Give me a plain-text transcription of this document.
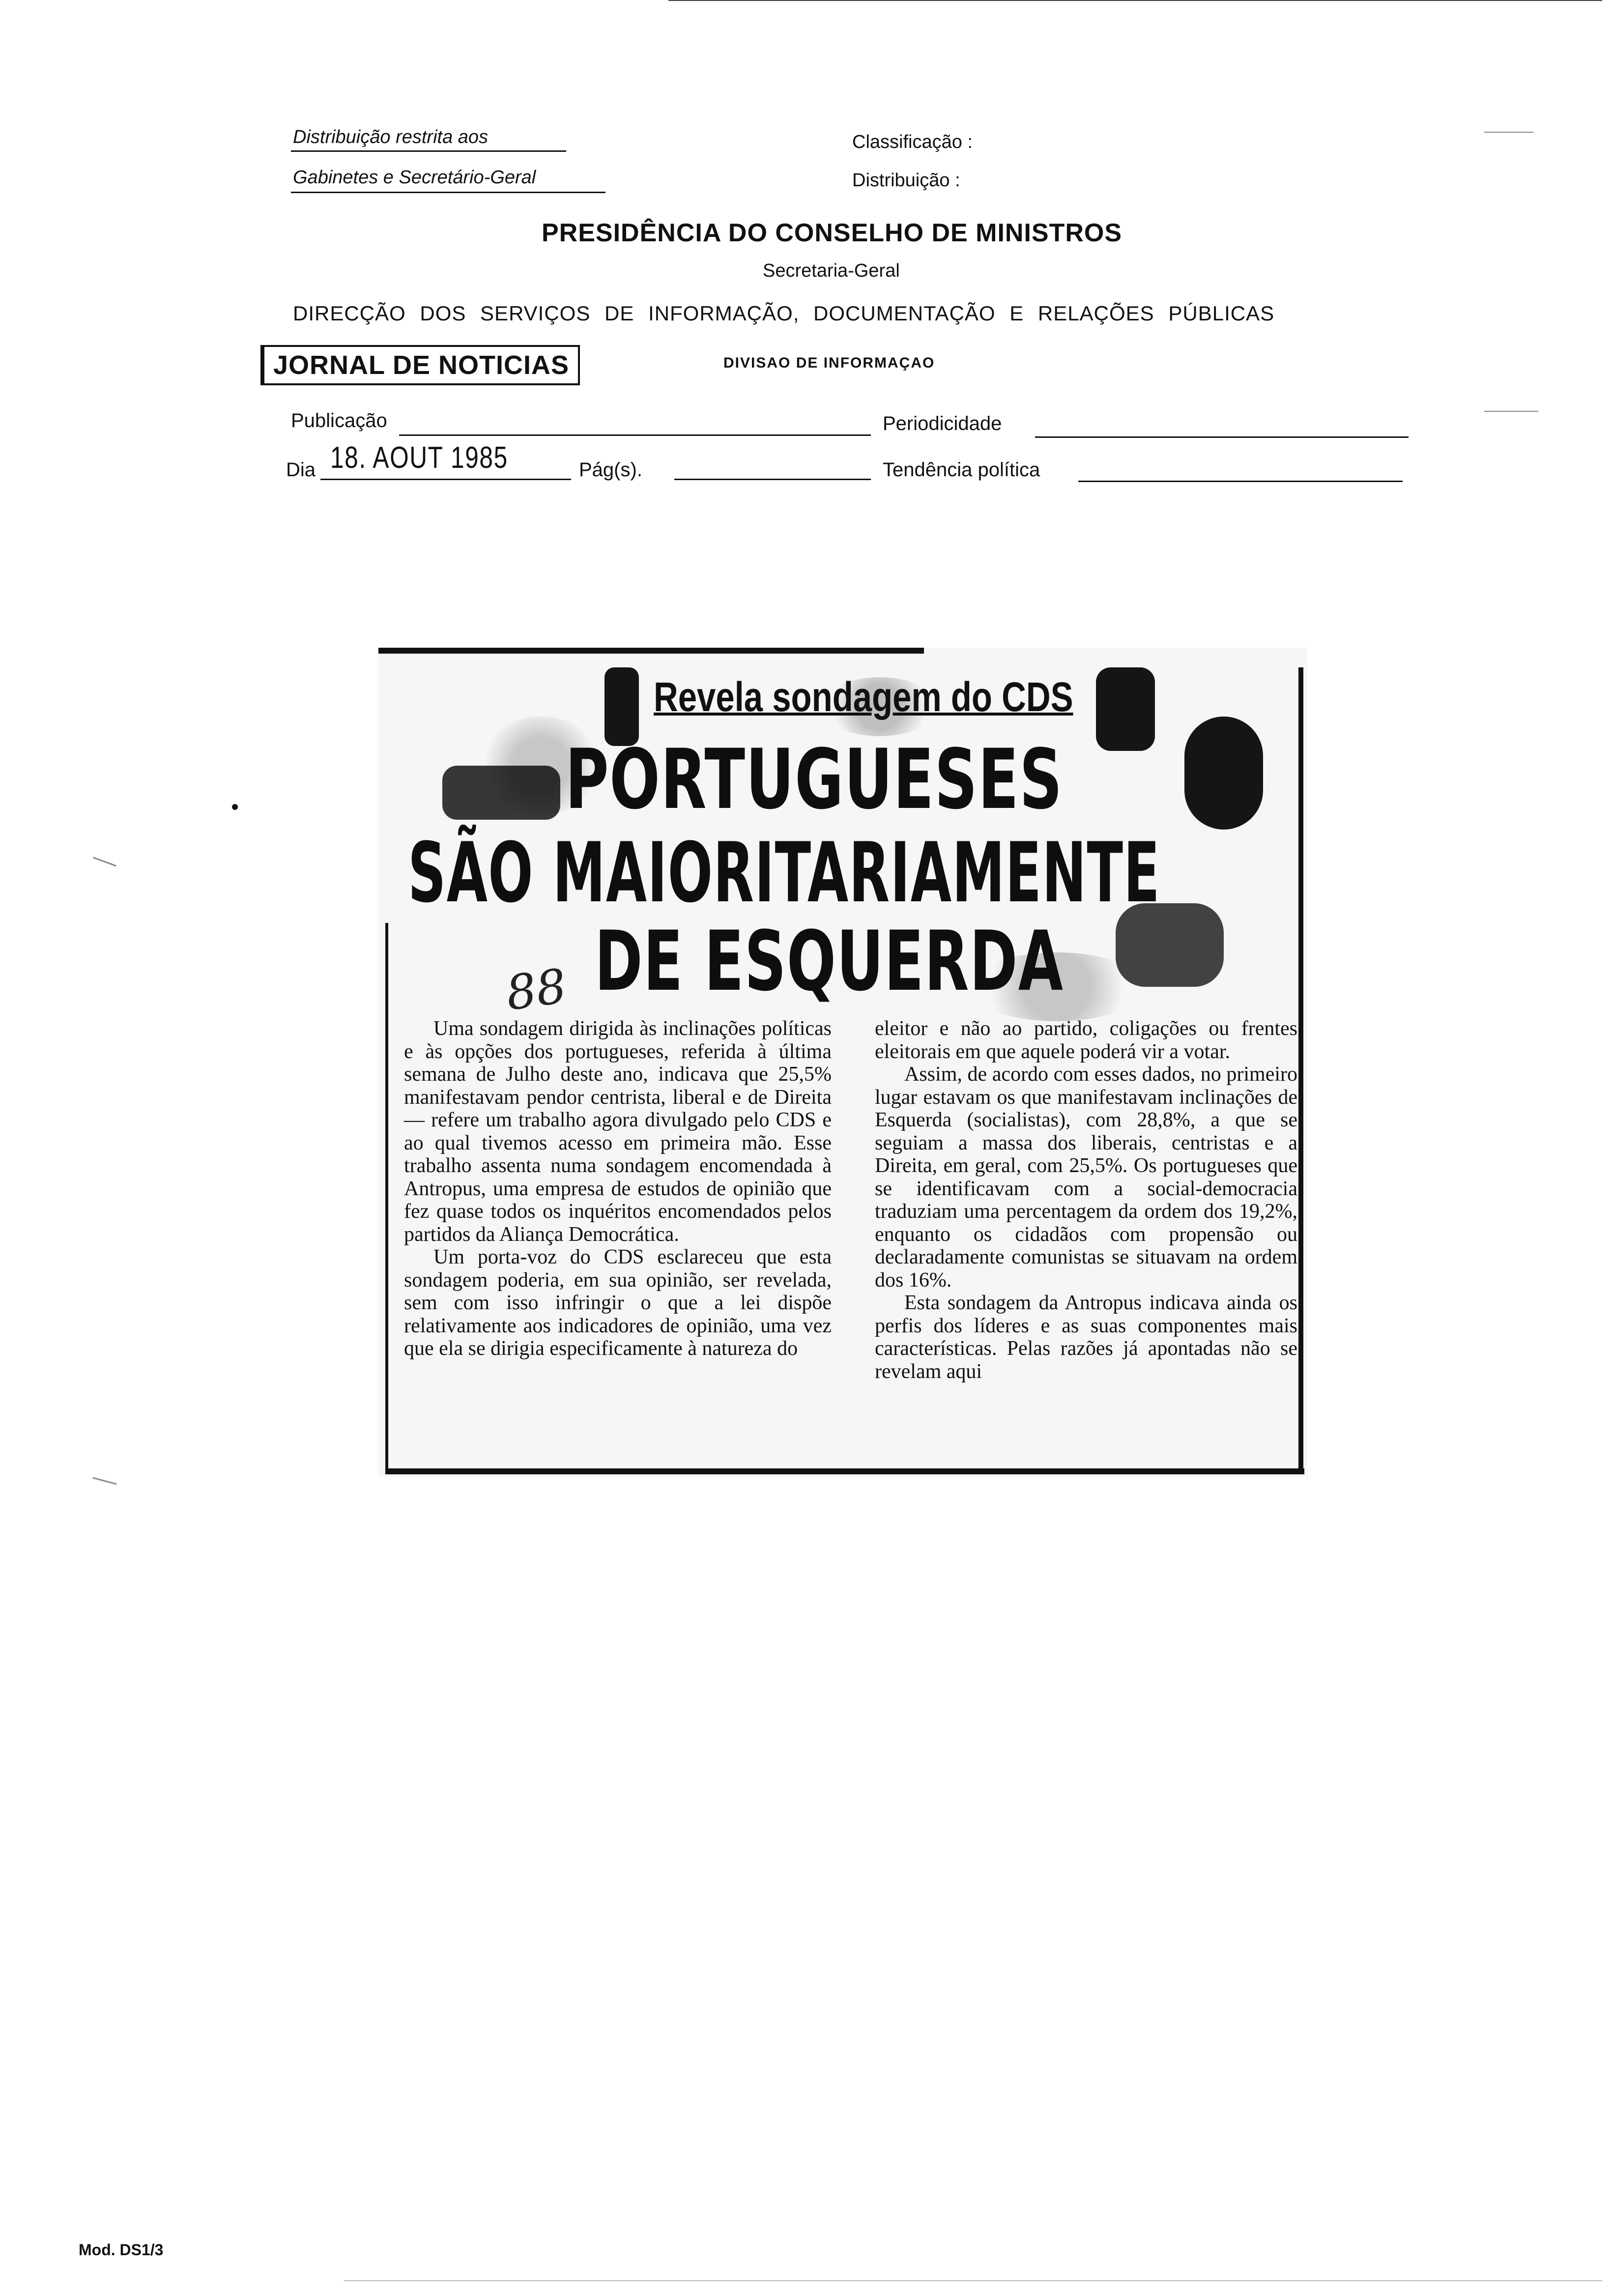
Distribuição restrita aos
Gabinetes e Secretário-Geral
Classificação :
Distribuição :
PRESIDÊNCIA DO CONSELHO DE MINISTROS
Secretaria-Geral
DIRECÇÃO DOS SERVIÇOS DE INFORMAÇÃO, DOCUMENTAÇÃO E RELAÇÕES PÚBLICAS
JORNAL DE NOTICIAS	DIVISAO DE INFORMAÇAO
Publicação	Periodicidade
Dia 18. AOUT 1985	Pág(s).	Tendência política
Revela sondagem do CDS
PORTUGUESES
SÃO MAIORITARIAMENTE
DE ESQUERDA
88

Uma sondagem dirigida às inclinações políticas e às opções dos portugueses, referida à última semana de Julho deste ano, indicava que 25,5% manifestavam pendor centrista, liberal e de Direita — refere um trabalho agora divulgado pelo CDS e ao qual tivemos acesso em primeira mão. Esse trabalho assenta numa sondagem encomendada à Antropus, uma empresa de estudos de opinião que fez quase todos os inquéritos encomendados pelos partidos da Aliança Democrática.

Um porta-voz do CDS esclareceu que esta sondagem poderia, em sua opinião, ser revelada, sem com isso infringir o que a lei dispõe relativamente aos indicadores de opinião, uma vez que ela se dirigia especificamente à natureza do

eleitor e não ao partido, coligações ou frentes eleitorais em que aquele poderá vir a votar.

Assim, de acordo com esses dados, no primeiro lugar estavam os que manifestavam inclinações de Esquerda (socialistas), com 28,8%, a que se seguiam a massa dos liberais, centristas e a Direita, em geral, com 25,5%. Os portugueses que se identificavam com a social-democracia traduziam uma percentagem da ordem dos 19,2%, enquanto os cidadãos com propensão ou declaradamente comunistas se situavam na ordem dos 16%.

Esta sondagem da Antropus indicava ainda os perfis dos líderes e as suas componentes mais características. Pelas razões já apontadas não se revelam aqui

Mod. DS1/3
